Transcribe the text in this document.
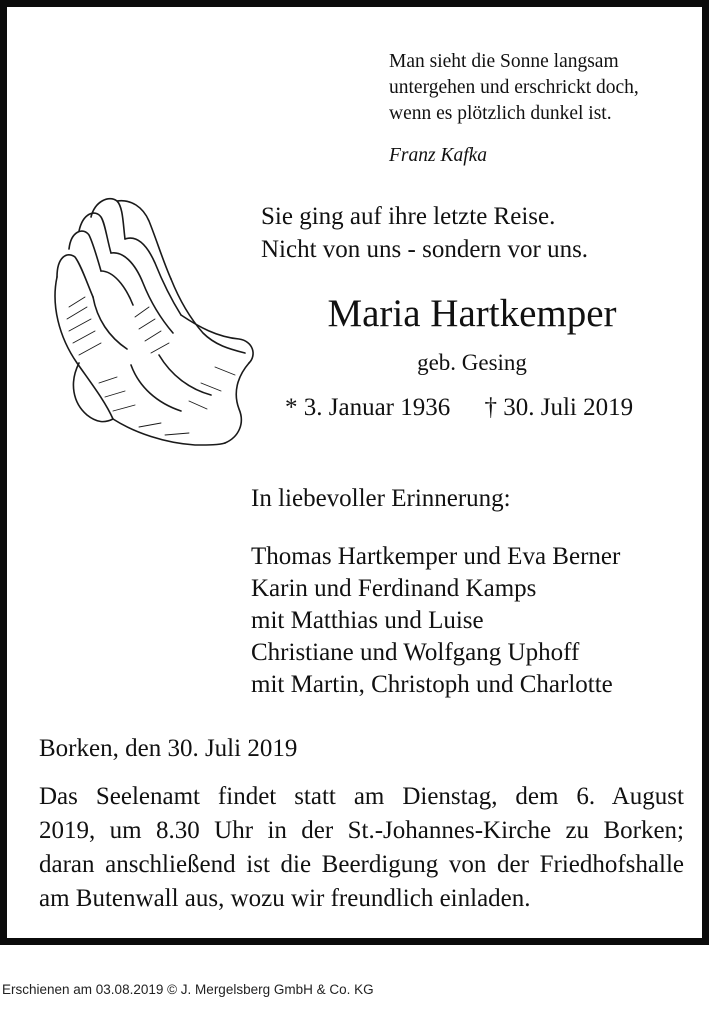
Man sieht die Sonne langsam
untergehen und erschrickt doch,
wenn es plötzlich dunkel ist.
Franz Kafka
Sie ging auf ihre letzte Reise.
Nicht von uns - sondern vor uns.
Maria Hartkemper
geb. Gesing
* 3. Januar 1936 † 30. Juli 2019
In liebevoller Erinnerung:
Thomas Hartkemper und Eva Berner
Karin und Ferdinand Kamps
mit Matthias und Luise
Christiane und Wolfgang Uphoff
mit Martin, Christoph und Charlotte
Borken, den 30. Juli 2019
Das Seelenamt findet statt am Dienstag, dem 6. August
2019, um 8.30 Uhr in der St.-Johannes-Kirche zu Borken;
daran anschließend ist die Beerdigung von der Friedhofshalle
am Butenwall aus, wozu wir freundlich einladen.
Erschienen am 03.08.2019 © J. Mergelsberg GmbH & Co. KG
